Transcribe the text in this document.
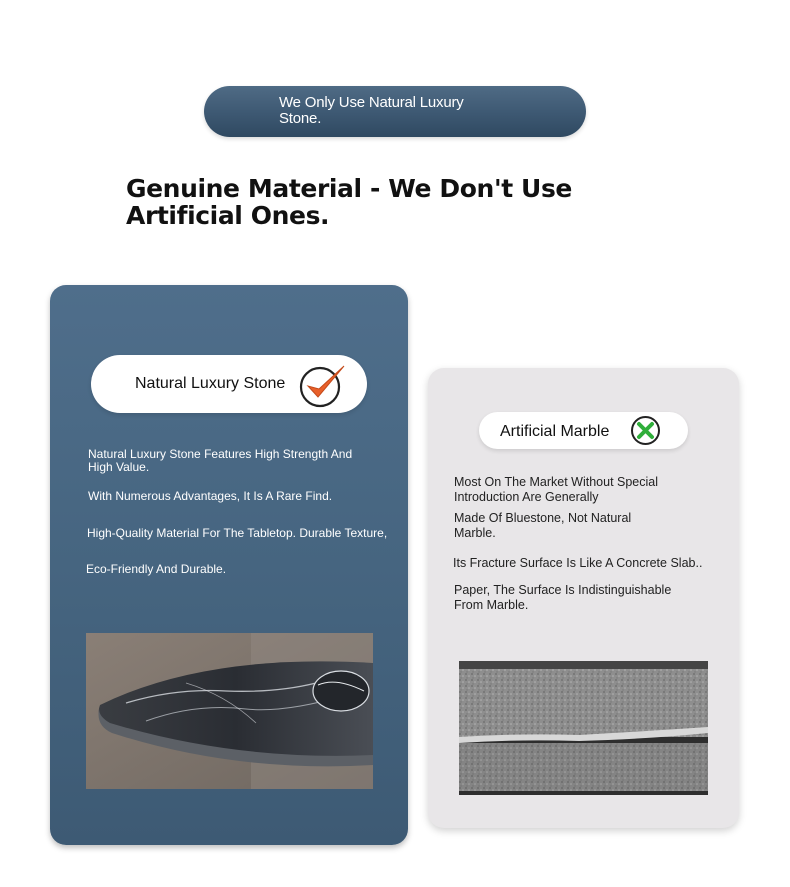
We Only Use Natural Luxury Stone.
Genuine Material - We Don't Use Artificial Ones.
Natural Luxury Stone
Artificial Marble
Natural Luxury Stone Features High Strength And High Value.
With Numerous Advantages, It Is A Rare Find.
High-Quality Material For The Tabletop. Durable Texture,
Eco-Friendly And Durable.
Most On The Market Without Special Introduction Are Generally
Made Of Bluestone, Not Natural Marble.
Its Fracture Surface Is Like A Concrete Slab..
Paper, The Surface Is Indistinguishable From Marble.
